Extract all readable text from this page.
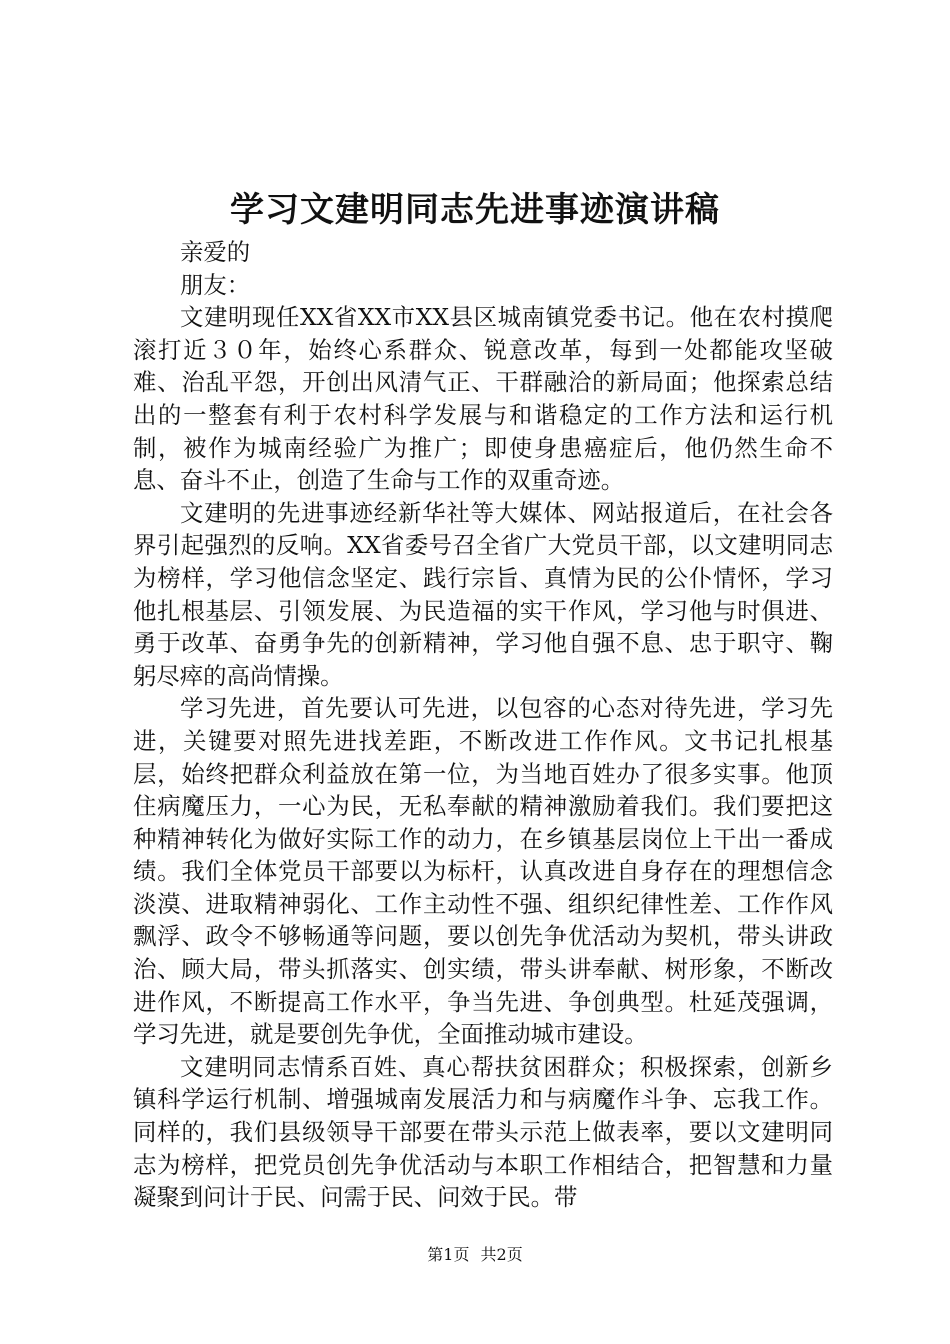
学习文建明同志先进事迹演讲稿

亲爱的

朋友：

文建明现任XX省XX市XX县区城南镇党委书记。他在农村摸爬滚打近３０年，始终心系群众、锐意改革，每到一处都能攻坚破难、治乱平怨，开创出风清气正、干群融洽的新局面；他探索总结出的一整套有利于农村科学发展与和谐稳定的工作方法和运行机制，被作为城南经验广为推广；即使身患癌症后，他仍然生命不息、奋斗不止，创造了生命与工作的双重奇迹。

文建明的先进事迹经新华社等大媒体、网站报道后，在社会各界引起强烈的反响。XX省委号召全省广大党员干部，以文建明同志为榜样，学习他信念坚定、践行宗旨、真情为民的公仆情怀，学习他扎根基层、引领发展、为民造福的实干作风，学习他与时俱进、勇于改革、奋勇争先的创新精神，学习他自强不息、忠于职守、鞠躬尽瘁的高尚情操。

学习先进，首先要认可先进，以包容的心态对待先进，学习先进，关键要对照先进找差距，不断改进工作作风。文书记扎根基层，始终把群众利益放在第一位，为当地百姓办了很多实事。他顶住病魔压力，一心为民，无私奉献的精神激励着我们。我们要把这种精神转化为做好实际工作的动力，在乡镇基层岗位上干出一番成绩。我们全体党员干部要以为标杆，认真改进自身存在的理想信念淡漠、进取精神弱化、工作主动性不强、组织纪律性差、工作作风飘浮、政令不够畅通等问题，要以创先争优活动为契机，带头讲政治、顾大局，带头抓落实、创实绩，带头讲奉献、树形象，不断改进作风，不断提高工作水平，争当先进、争创典型。杜延茂强调，学习先进，就是要创先争优，全面推动城市建设。

文建明同志情系百姓、真心帮扶贫困群众；积极探索，创新乡镇科学运行机制、增强城南发展活力和与病魔作斗争、忘我工作。同样的，我们县级领导干部要在带头示范上做表率，要以文建明同志为榜样，把党员创先争优活动与本职工作相结合，把智慧和力量凝聚到问计于民、问需于民、问效于民。带

第1页 共2页
